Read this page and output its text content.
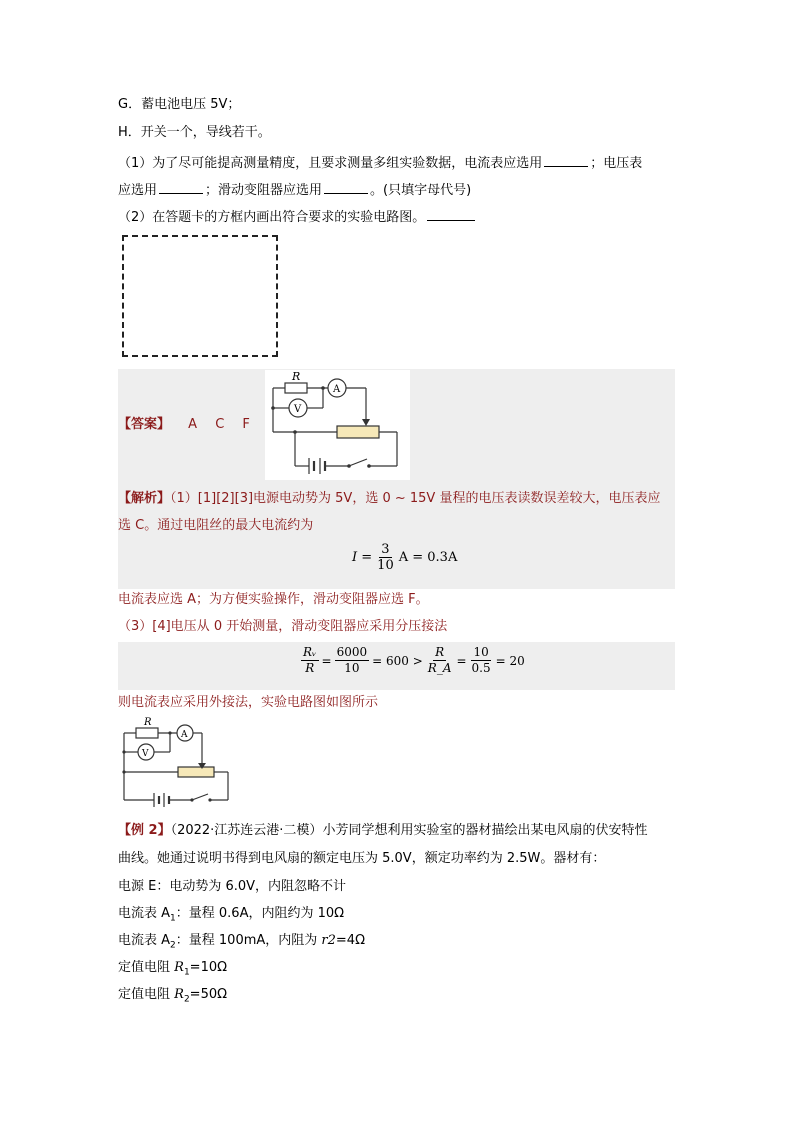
G．蓄电池电压 5V；
H．开关一个，导线若干。
（1）为了尽可能提高测量精度，且要求测量多组实验数据，电流表应选用	；电压表
应选用	；滑动变阻器应选用	。(只填字母代号)
（2）在答题卡的方框内画出符合要求的实验电路图。
【答案】 A C F
R
A
V
【解析】（1）[1][2][3]电源电动势为 5V，选 0 ~ 15V 量程的电压表读数误差较大，电压表应
选 C。通过电阻丝的最大电流约为
$I = \frac{3}{10}$ A = 0.3A
电流表应选 A；为方便实验操作，滑动变阻器应选 F。
（3）[4]电压从 0 开始测量，滑动变阻器应采用分压接法
$\frac{\text{Rᵥ}}{R} = \frac{6000}{10} = 600 > \frac{R}{R\_A} = \frac{10}{0.5} = 20$
则电流表应采用外接法，实验电路图如图所示
R
A
V
【例 2】（2022·江苏连云港·二模）小芳同学想利用实验室的器材描绘出某电风扇的伏安特性
曲线。她通过说明书得到电风扇的额定电压为 5.0V，额定功率约为 2.5W。器材有：
电源 E：电动势为 6.0V，内阻忽略不计
电流表 $A_1$：量程 0.6A，内阻约为 10Ω
电流表 $A_2$：量程 100mA，内阻为 r2=4Ω
定值电阻 $R_1=10\Omega$
定值电阻 $R_2=50\Omega$
